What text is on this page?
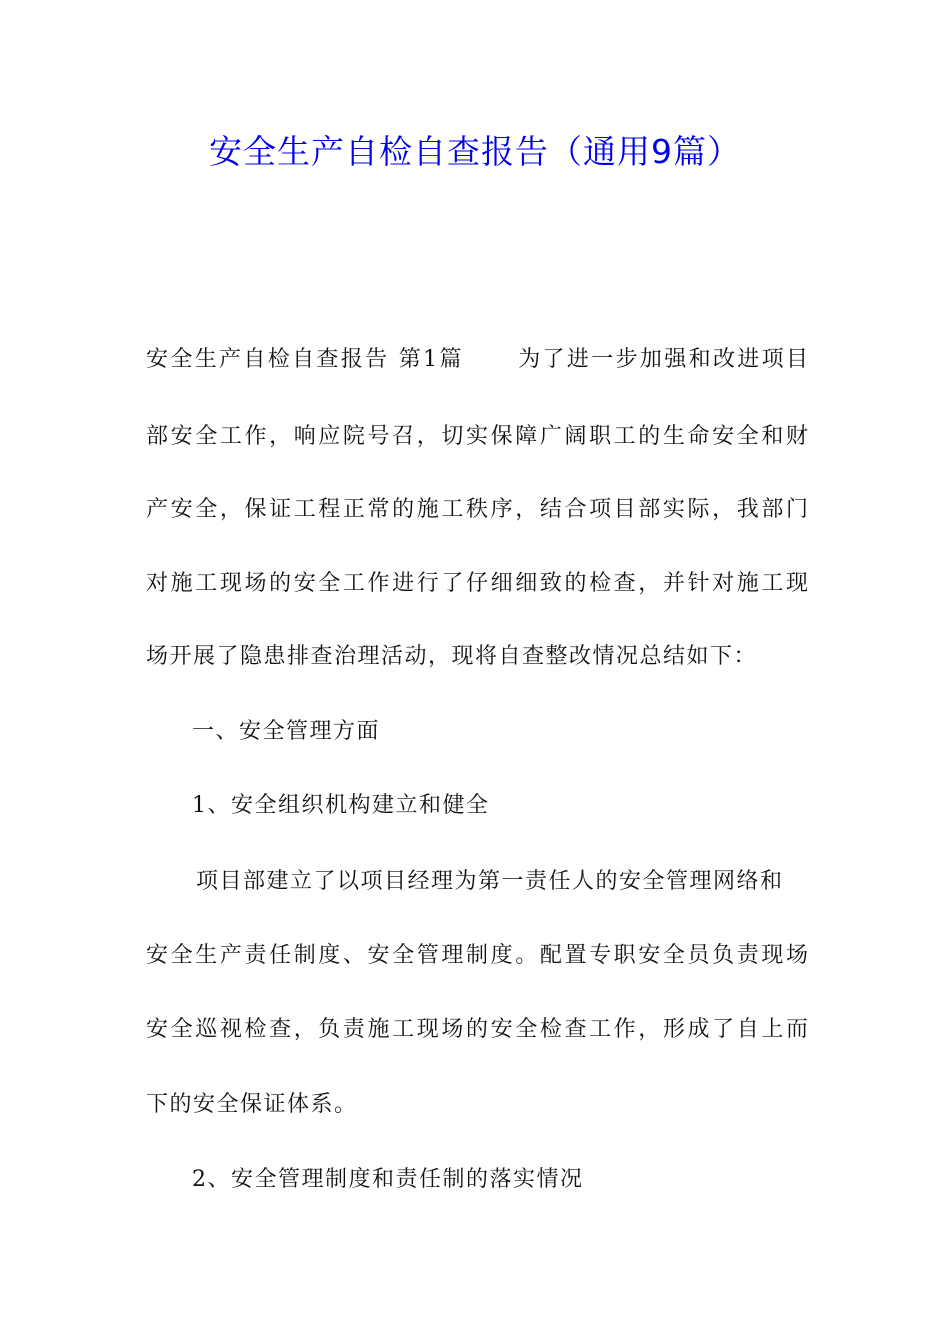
安全生产自检自查报告（通用9篇）
安全生产自检自查报告 第1篇 为了进一步加强和改进项目
部安全工作，响应院号召，切实保障广阔职工的生命安全和财
产安全，保证工程正常的施工秩序，结合项目部实际，我部门
对施工现场的安全工作进行了仔细细致的检查，并针对施工现
场开展了隐患排查治理活动，现将自查整改情况总结如下：
一、安全管理方面
1、安全组织机构建立和健全
项目部建立了以项目经理为第一责任人的安全管理网络和
安全生产责任制度、安全管理制度。配置专职安全员负责现场
安全巡视检查，负责施工现场的安全检查工作，形成了自上而
下的安全保证体系。
2、安全管理制度和责任制的落实情况
